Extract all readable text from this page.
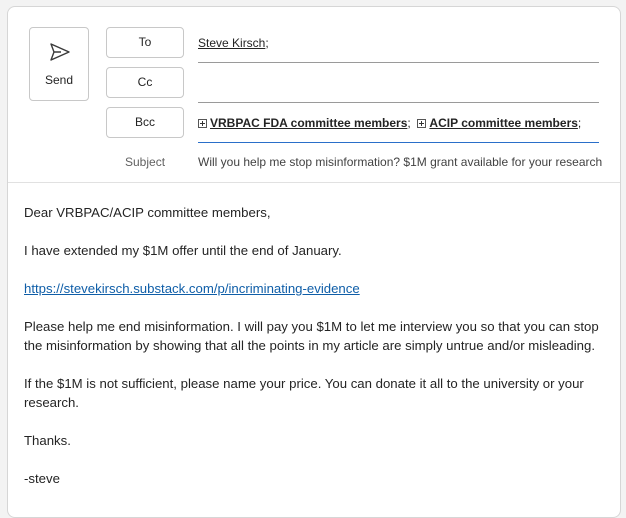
Send
To	Steve Kirsch;
Cc
Bcc	VRBPAC FDA committee members; ACIP committee members;
Subject	Will you help me stop misinformation? $1M grant available for your research

Dear VRBPAC/ACIP committee members,

I have extended my $1M offer until the end of January.

https://stevekirsch.substack.com/p/incriminating-evidence

Please help me end misinformation. I will pay you $1M to let me interview you so that you can stop the misinformation by showing that all the points in my article are simply untrue and/or misleading.

If the $1M is not sufficient, please name your price. You can donate it all to the university or your research.

Thanks.

-steve
